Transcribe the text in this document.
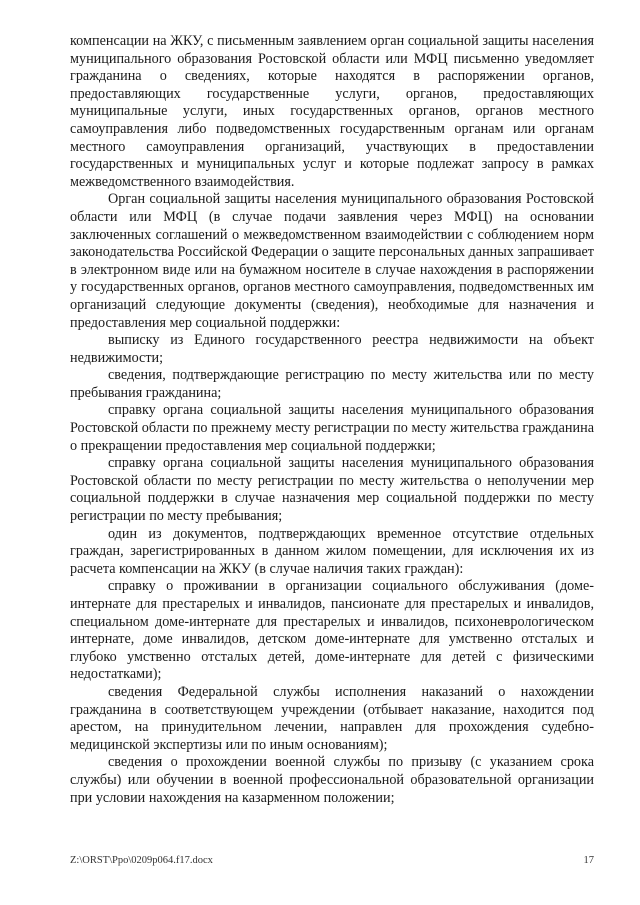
компенсации на ЖКУ, с письменным заявлением орган социальной защиты населения муниципального образования Ростовской области или МФЦ письменно уведомляет гражданина о сведениях, которые находятся в распоряжении органов, предоставляющих государственные услуги, органов, предоставляющих муниципальные услуги, иных государственных органов, органов местного самоуправления либо подведомственных государственным органам или органам местного самоуправления организаций, участвующих в предоставлении государственных и муниципальных услуг и которые подлежат запросу в рамках межведомственного взаимодействия.

Орган социальной защиты населения муниципального образования Ростовской области или МФЦ (в случае подачи заявления через МФЦ) на основании заключенных соглашений о межведомственном взаимодействии с соблюдением норм законодательства Российской Федерации о защите персональных данных запрашивает в электронном виде или на бумажном носителе в случае нахождения в распоряжении у государственных органов, органов местного самоуправления, подведомственных им организаций следующие документы (сведения), необходимые для назначения и предоставления мер социальной поддержки:

выписку из Единого государственного реестра недвижимости на объект недвижимости;

сведения, подтверждающие регистрацию по месту жительства или по месту пребывания гражданина;

справку органа социальной защиты населения муниципального образования Ростовской области по прежнему месту регистрации по месту жительства гражданина о прекращении предоставления мер социальной поддержки;

справку органа социальной защиты населения муниципального образования Ростовской области по месту регистрации по месту жительства о неполучении мер социальной поддержки в случае назначения мер социальной поддержки по месту регистрации по месту пребывания;

один из документов, подтверждающих временное отсутствие отдельных граждан, зарегистрированных в данном жилом помещении, для исключения их из расчета компенсации на ЖКУ (в случае наличия таких граждан):

справку о проживании в организации социального обслуживания (доме-интернате для престарелых и инвалидов, пансионате для престарелых и инвалидов, специальном доме-интернате для престарелых и инвалидов, психоневрологическом интернате, доме инвалидов, детском доме-интернате для умственно отсталых и глубоко умственно отсталых детей, доме-интернате для детей с физическими недостатками);

сведения Федеральной службы исполнения наказаний о нахождении гражданина в соответствующем учреждении (отбывает наказание, находится под арестом, на принудительном лечении, направлен для прохождения судебно-медицинской экспертизы или по иным основаниям);

сведения о прохождении военной службы по призыву (с указанием срока службы) или обучении в военной профессиональной образовательной организации при условии нахождения на казарменном положении;

Z:\ORST\Ppo\0209p064.f17.docx	17
